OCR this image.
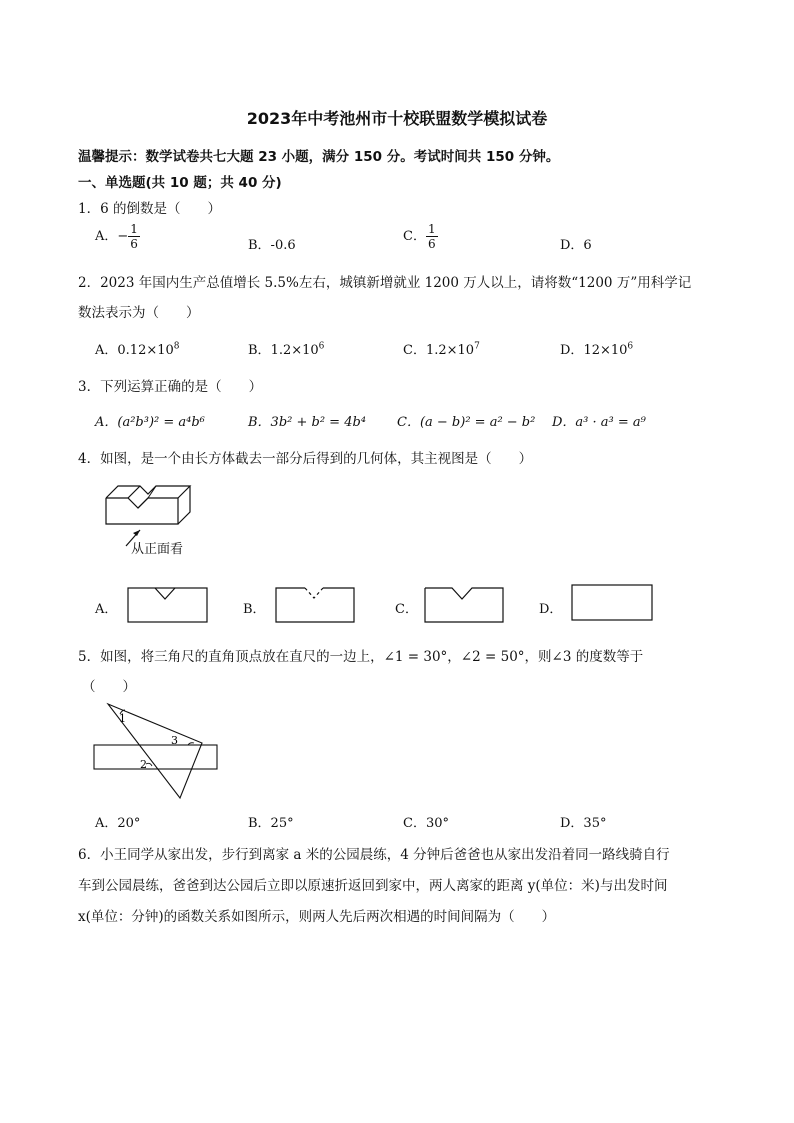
2023年中考池州市十校联盟数学模拟试卷
温馨提示：数学试卷共七大题 23 小题，满分 150 分。考试时间共 150 分钟。
一、单选题(共 10 题；共 40 分)
1．6 的倒数是（　　）
A．− $\frac{1}{6}$	B．-0.6
C． $\frac{1}{6}$	D．6
2．2023 年国内生产总值增长 5.5%左右，城镇新增就业 1200 万人以上，请将数“1200 万”用科学记
数法表示为（　　）
A．$0.12\times 10^8$	B．$1.2\times 10^6$	C．$1.2\times 10^7$	D．$12\times 10^6$
3．下列运算正确的是（　　）
A．(a²b³)² = a⁴b⁶	B．3b² + b² = 4b⁴ C．(a − b)² = a² − b² D．a³ · a³ = a⁹
4．如图，是一个由长方体截去一部分后得到的几何体，其主视图是（　　）
从正面看
A．	B．	C．	D．
5．如图，将三角尺的直角顶点放在直尺的一边上，∠1 = 30°，∠2 = 50°，则∠3 的度数等于
（　　）
1
2
3
A．20°	B．25°	C．30°	D．35°
6．小王同学从家出发，步行到离家 a 米的公园晨练，4 分钟后爸爸也从家出发沿着同一路线骑自行
车到公园晨练，爸爸到达公园后立即以原速折返回到家中，两人离家的距离 y(单位：米)与出发时间
x(单位：分钟)的函数关系如图所示，则两人先后两次相遇的时间间隔为（　　）
